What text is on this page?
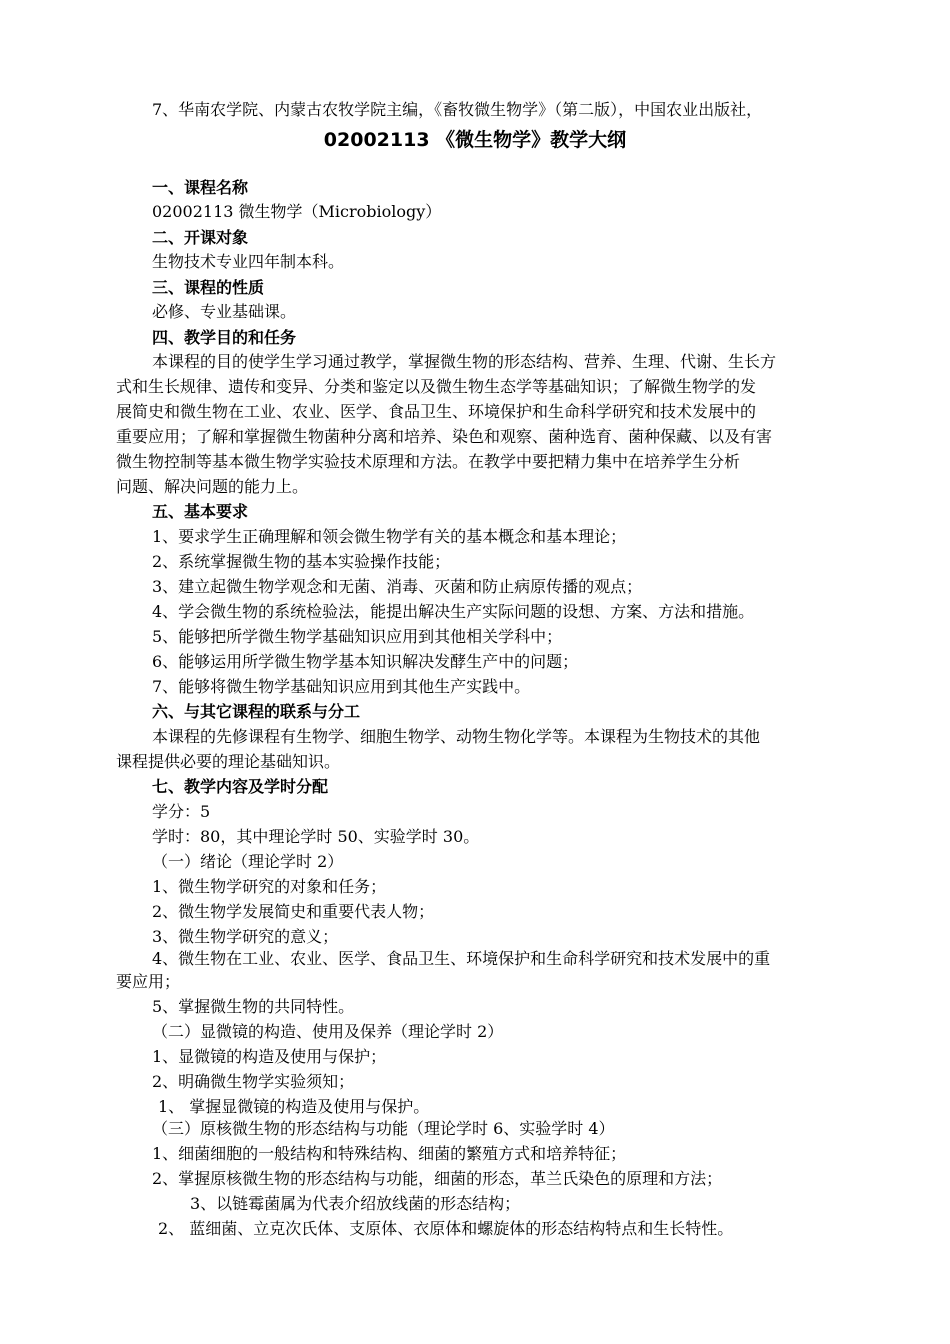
7、华南农学院、内蒙古农牧学院主编，《畜牧微生物学》（第二版），中国农业出版社，
02002113 《微生物学》教学大纲
一、课程名称
02002113 微生物学（Microbiology）
二、开课对象
生物技术专业四年制本科。
三、课程的性质
必修、专业基础课。
四、教学目的和任务
本课程的目的使学生学习通过教学，掌握微生物的形态结构、营养、生理、代谢、生长方
式和生长规律、遗传和变异、分类和鉴定以及微生物生态学等基础知识；了解微生物学的发
展简史和微生物在工业、农业、医学、食品卫生、环境保护和生命科学研究和技术发展中的
重要应用；了解和掌握微生物菌种分离和培养、染色和观察、菌种选育、菌种保藏、以及有害
微生物控制等基本微生物学实验技术原理和方法。在教学中要把精力集中在培养学生分析
问题、解决问题的能力上。
五、基本要求
1、要求学生正确理解和领会微生物学有关的基本概念和基本理论；
2、系统掌握微生物的基本实验操作技能；
3、建立起微生物学观念和无菌、消毒、灭菌和防止病原传播的观点；
4、学会微生物的系统检验法，能提出解决生产实际问题的设想、方案、方法和措施。
5、能够把所学微生物学基础知识应用到其他相关学科中；
6、能够运用所学微生物学基本知识解决发酵生产中的问题；
7、能够将微生物学基础知识应用到其他生产实践中。
六、与其它课程的联系与分工
本课程的先修课程有生物学、细胞生物学、动物生物化学等。本课程为生物技术的其他
课程提供必要的理论基础知识。
七、教学内容及学时分配
学分：5
学时：80，其中理论学时 50、实验学时 30。
（一）绪论（理论学时 2）
1、微生物学研究的对象和任务；
2、微生物学发展简史和重要代表人物；
3、微生物学研究的意义；
4、微生物在工业、农业、医学、食品卫生、环境保护和生命科学研究和技术发展中的重
要应用；
5、掌握微生物的共同特性。
（二）显微镜的构造、使用及保养（理论学时 2）
1、显微镜的构造及使用与保护；
2、明确微生物学实验须知；
1、 掌握显微镜的构造及使用与保护。
（三）原核微生物的形态结构与功能（理论学时 6、实验学时 4）
1、细菌细胞的一般结构和特殊结构、细菌的繁殖方式和培养特征；
2、掌握原核微生物的形态结构与功能，细菌的形态，革兰氏染色的原理和方法；
3、以链霉菌属为代表介绍放线菌的形态结构；
2、 蓝细菌、立克次氏体、支原体、衣原体和螺旋体的形态结构特点和生长特性。
